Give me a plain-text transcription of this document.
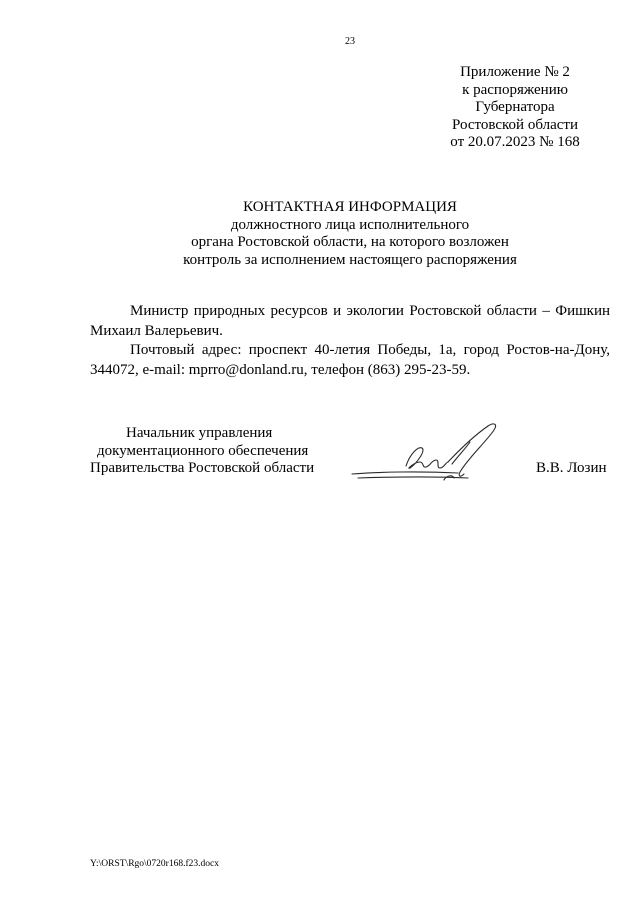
23
Приложение № 2
к распоряжению
Губернатора
Ростовской области
от 20.07.2023 № 168
КОНТАКТНАЯ ИНФОРМАЦИЯ
должностного лица исполнительного
органа Ростовской области, на которого возложен
контроль за исполнением настоящего распоряжения

Министр природных ресурсов и экологии Ростовской области – Фишкин Михаил Валерьевич.

Почтовый адрес: проспект 40-летия Победы, 1а, город Ростов-на-Дону, 344072, e-mail: mprro@donland.ru, телефон (863) 295-23-59.

Начальник управления
документационного обеспечения
Правительства Ростовской области	В.В. Лозин
Y:\ORST\Rgo\0720r168.f23.docx
